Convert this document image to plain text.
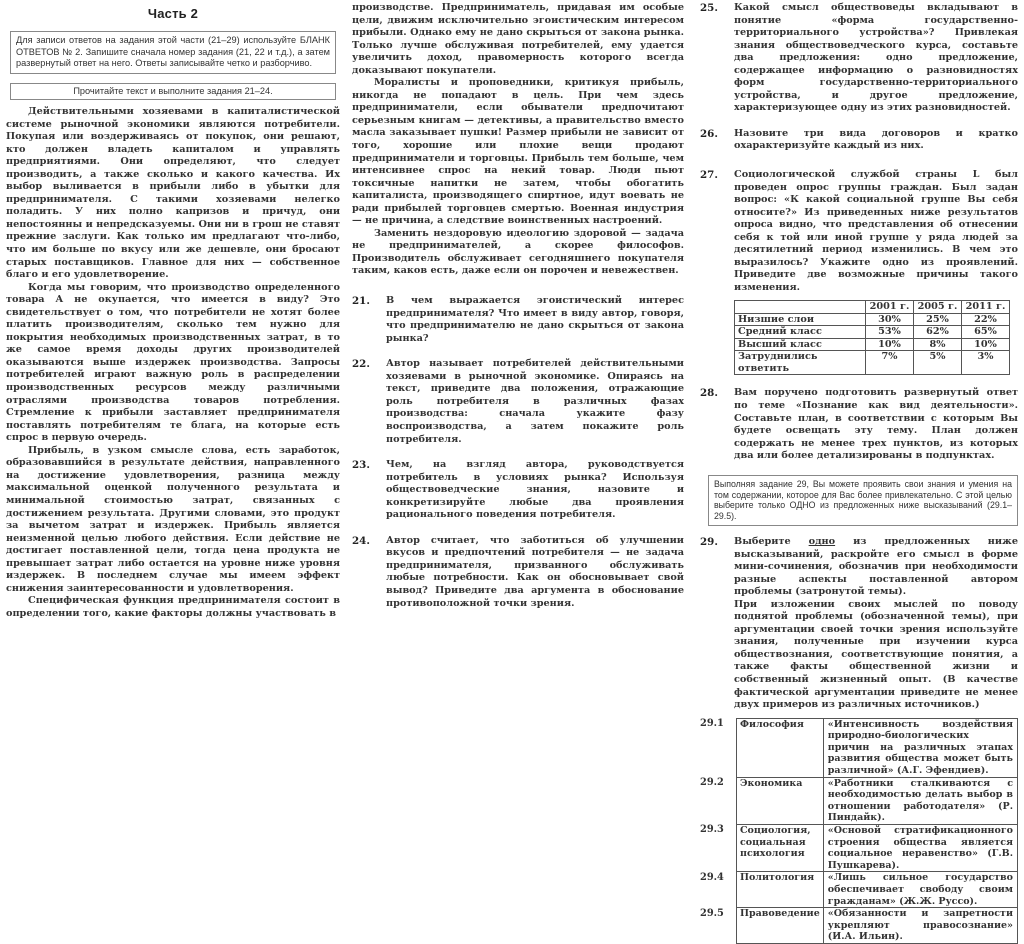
Часть 2
Для записи ответов на задания этой части (21–29) используйте БЛАНК ОТВЕТОВ № 2. Запишите сначала номер задания (21, 22 и т.д.), а затем развернутый ответ на него. Ответы записывайте четко и разборчиво.
Прочитайте текст и выполните задания 21–24.

Действительными хозяевами в капиталистической системе рыночной экономики являются потребители. Покупая или воздерживаясь от покупок, они решают, кто должен владеть капиталом и управлять предприятиями. Они определяют, что следует производить, а также сколько и какого качества. Их выбор выливается в прибыли либо в убытки для предпринимателя. С такими хозяевами нелегко поладить. У них полно капризов и причуд, они непостоянны и непредсказуемы. Они ни в грош не ставят прежние заслуги. Как только им предлагают что-либо, что им больше по вкусу или же дешевле, они бросают старых поставщиков. Главное для них — собственное благо и его удовлетворение.

Когда мы говорим, что производство определенного товара А не окупается, что имеется в виду? Это свидетельствует о том, что потребители не хотят более платить производителям, сколько тем нужно для покрытия необходимых производственных затрат, в то же самое время доходы других производителей оказываются выше издержек производства. Запросы потребителей играют важную роль в распределении производственных ресурсов между различными отраслями производства товаров потребления. Стремление к прибыли заставляет предпринимателя поставлять потребителям те блага, на которые есть спрос в первую очередь.

Прибыль, в узком смысле слова, есть заработок, образовавшийся в результате действия, направленного на достижение удовлетворения, разница между максимальной оценкой полученного результата и минимальной стоимостью затрат, связанных с достижением результата. Другими словами, это продукт за вычетом затрат и издержек. Прибыль является неизменной целью любого действия. Если действие не достигает поставленной цели, тогда цена продукта не превышает затрат либо остается на уровне ниже уровня издержек. В последнем случае мы имеем эффект снижения заинтересованности и удовлетворения.

Специфическая функция предпринимателя состоит в определении того, какие факторы должны участвовать в

производстве. Предприниматель, придавая им особые цели, движим исключительно эгоистическим интересом прибыли. Однако ему не дано скрыться от закона рынка. Только лучше обслуживая потребителей, ему удается увеличить доход, правомерность которого всегда доказывают покупатели.

Моралисты и проповедники, критикуя прибыль, никогда не попадают в цель. При чем здесь предприниматели, если обыватели предпочитают серьезным книгам — детективы, а правительство вместо масла заказывает пушки! Размер прибыли не зависит от того, хорошие или плохие вещи продают предприниматели и торговцы. Прибыль тем больше, чем интенсивнее спрос на некий товар. Люди пьют токсичные напитки не затем, чтобы обогатить капиталиста, производящего спиртное, идут воевать не ради прибылей торговцев смертью. Военная индустрия — не причина, а следствие воинственных настроений.

Заменить нездоровую идеологию здоровой — задача не предпринимателей, а скорее философов. Производитель обслуживает сегодняшнего покупателя таким, каков есть, даже если он порочен и невежествен.

21.	В чем выражается эгоистический интерес предпринимателя? Что имеет в виду автор, говоря, что предпринимателю не дано скрыться от закона рынка?
22.	Автор называет потребителей действительными хозяевами в рыночной экономике. Опираясь на текст, приведите два положения, отражающие роль потребителя в различных фазах производства: сначала укажите фазу воспроизводства, а затем покажите роль потребителя.
23.	Чем, на взгляд автора, руководствуется потребитель в условиях рынка? Используя обществоведческие знания, назовите и конкретизируйте любые два проявления рационального поведения потребителя.
24.	Автор считает, что заботиться об улучшении вкусов и предпочтений потребителя — не задача предпринимателя, призванного обслуживать любые потребности. Как он обосновывает свой вывод? Приведите два аргумента в обоснование противоположной точки зрения.
25.	Какой смысл обществоведы вкладывают в понятие «форма государственно-территориального устройства»? Привлекая знания обществоведческого курса, составьте два предложения: одно предложение, содержащее информацию о разновидностях форм государственно-территориального устройства, и другое предложение, характеризующее одну из этих разновидностей.
26.	Назовите три вида договоров и кратко охарактеризуйте каждый из них.
27.	Социологической службой страны L был проведен опрос группы граждан. Был задан вопрос: «К какой социальной группе Вы себя относите?» Из приведенных ниже результатов опроса видно, что представления об отнесении себя к той или иной группе у ряда людей за десятилетний период изменились. В чем это выразилось? Укажите одно из проявлений. Приведите две возможные причины такого изменения.
	2001 г.	2005 г.	2011 г.
Низшие слои	30%	25%	22%
Средний класс	53%	62%	65%
Высший класс	10%	8%	10%
Затруднились ответить	7%	5%	3%
28.	Вам поручено подготовить развернутый ответ по теме «Познание как вид деятельности». Составьте план, в соответствии с которым Вы будете освещать эту тему. План должен содержать не менее трех пунктов, из которых два или более детализированы в подпунктах.
Выполняя задание 29, Вы можете проявить свои знания и умения на том содержании, которое для Вас более привлекательно. С этой целью выберите только ОДНО из предложенных ниже высказываний (29.1–29.5).
29.	Выберите одно из предложенных ниже высказываний, раскройте его смысл в форме мини-сочинения, обозначив при необходимости разные аспекты поставленной автором проблемы (затронутой темы).
При изложении своих мыслей по поводу поднятой проблемы (обозначенной темы), при аргументации своей точки зрения используйте знания, полученные при изучении курса обществознания, соответствующие понятия, а также факты общественной жизни и собственный жизненный опыт. (В качестве фактической аргументации приведите не менее двух примеров из различных источников.)
29.1	Философия	«Интенсивность воздействия природно-биологических причин на различных этапах развития общества может быть различной» (А.Г. Эфендиев).
29.2	Экономика	«Работники сталкиваются с необходимостью делать выбор в отношении работодателя» (Р. Пиндайк).
29.3	Социология, социальная психология	«Основой стратификационного строения общества является социальное неравенство» (Г.В. Пушкарева).
29.4	Политология	«Лишь сильное государство обеспечивает свободу своим гражданам» (Ж.Ж. Руссо).
29.5	Правоведение	«Обязанности и запретности укрепляют правосознание» (И.А. Ильин).
